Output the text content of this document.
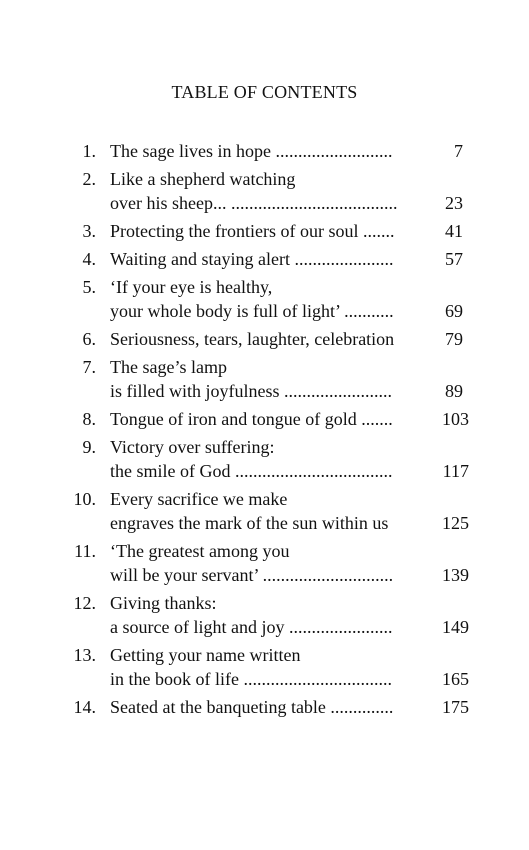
TABLE OF CONTENTS
1. The sage lives in hope ..........................	7
2. Like a shepherd watching
over his sheep... .....................................	23
3. Protecting the frontiers of our soul .......	41
4. Waiting and staying alert ......................	57
5. ‘If your eye is healthy,
your whole body is full of light’ ...........	69
6. Seriousness, tears, laughter, celebration	79
7. The sage’s lamp
is filled with joyfulness ........................	89
8. Tongue of iron and tongue of gold .......	103
9. Victory over suffering:
the smile of God ...................................	117
10. Every sacrifice we make
engraves the mark of the sun within us	125
11. ‘The greatest among you
will be your servant’ .............................	139
12. Giving thanks:
a source of light and joy .......................	149
13. Getting your name written
in the book of life .................................	165
14. Seated at the banqueting table ..............	175
